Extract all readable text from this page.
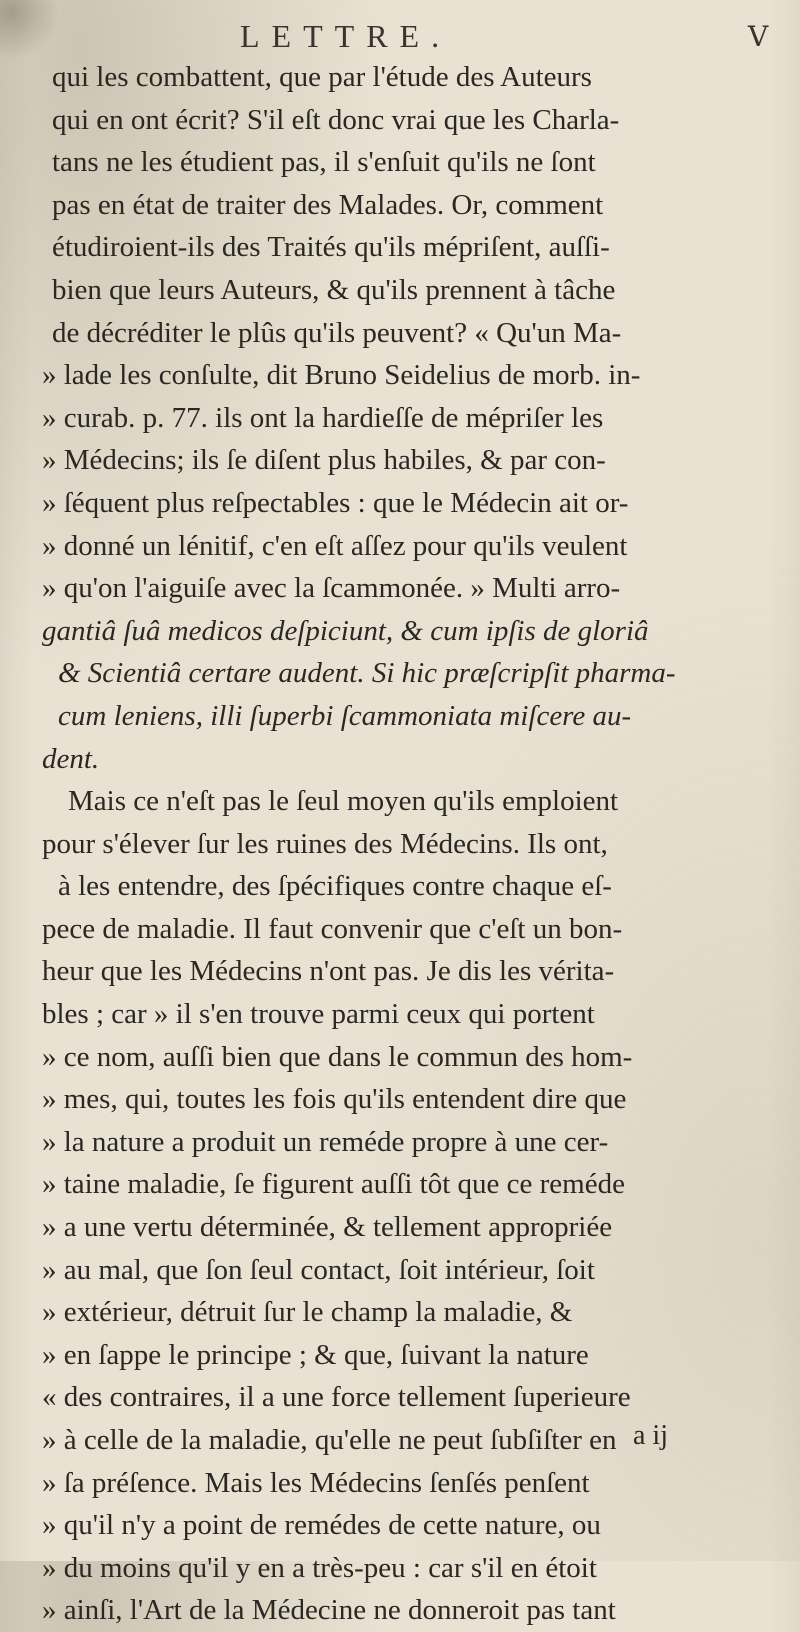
LETTRE.	V
qui les combattent, que par l'étude des Auteurs
qui en ont écrit? S'il eſt donc vrai que les Charla-
tans ne les étudient pas, il s'enſuit qu'ils ne ſont
pas en état de traiter des Malades. Or, comment
étudiroient-ils des Traités qu'ils mépriſent, auſſi-
bien que leurs Auteurs, & qu'ils prennent à tâche
de décréditer le plûs qu'ils peuvent? « Qu'un Ma-
» lade les conſulte, dit Bruno Seidelius de morb. in-
» curab. p. 77. ils ont la hardieſſe de mépriſer les
» Médecins; ils ſe diſent plus habiles, & par con-
» ſéquent plus reſpectables : que le Médecin ait or-
» donné un lénitif, c'en eſt aſſez pour qu'ils veulent
» qu'on l'aiguiſe avec la ſcammonée. » Multi arro-
gantiâ ſuâ medicos deſpiciunt, & cum ipſis de gloriâ
& Scientiâ certare audent. Si hic præſcripſit pharma-
cum leniens, illi ſuperbi ſcammoniata miſcere au-
dent.
Mais ce n'eſt pas le ſeul moyen qu'ils emploient
pour s'élever ſur les ruines des Médecins. Ils ont,
à les entendre, des ſpécifiques contre chaque eſ-
pece de maladie. Il faut convenir que c'eſt un bon-
heur que les Médecins n'ont pas. Je dis les vérita-
bles ; car » il s'en trouve parmi ceux qui portent
» ce nom, auſſi bien que dans le commun des hom-
» mes, qui, toutes les fois qu'ils entendent dire que
» la nature a produit un reméde propre à une cer-
» taine maladie, ſe figurent auſſi tôt que ce reméde
» a une vertu déterminée, & tellement appropriée
» au mal, que ſon ſeul contact, ſoit intérieur, ſoit
» extérieur, détruit ſur le champ la maladie, &
» en ſappe le principe ; & que, ſuivant la nature
« des contraires, il a une force tellement ſuperieure
» à celle de la maladie, qu'elle ne peut ſubſiſter en
» ſa préſence. Mais les Médecins ſenſés penſent
» qu'il n'y a point de remédes de cette nature, ou
» du moins qu'il y en a très-peu : car s'il en étoit
» ainſi, l'Art de la Médecine ne donneroit pas tant
a ij
